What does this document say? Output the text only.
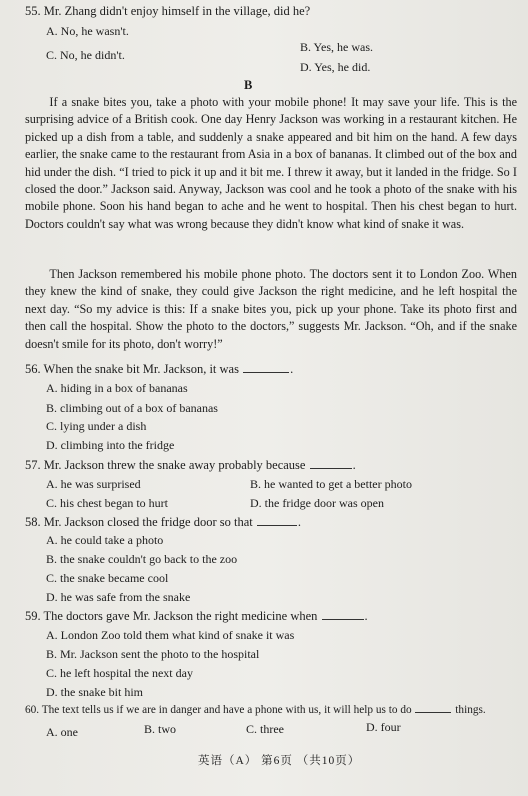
55. Mr. Zhang didn't enjoy himself in the village, did he?
A. No, he wasn't.
B. Yes, he was.
C. No, he didn't.
D. Yes, he did.
B
If a snake bites you, take a photo with your mobile phone! It may save your life. This is the surprising advice of a British cook. One day Henry Jackson was working in a restaurant kitchen. He picked up a dish from a table, and suddenly a snake appeared and bit him on the hand. A few days earlier, the snake came to the restaurant from Asia in a box of bananas. It climbed out of the box and hid under the dish. “I tried to pick it up and it bit me. I threw it away, but it landed in the fridge. So I closed the door.” Jackson said. Anyway, Jackson was cool and he took a photo of the snake with his mobile phone. Soon his hand began to ache and he went to hospital. Then his chest began to hurt. Doctors couldn't say what was wrong because they didn't know what kind of snake it was.
Then Jackson remembered his mobile phone photo. The doctors sent it to London Zoo. When they knew the kind of snake, they could give Jackson the right medicine, and he left hospital the next day. “So my advice is this: If a snake bites you, pick up your phone. Take its photo first and then call the hospital. Show the photo to the doctors,” suggests Mr. Jackson. “Oh, and if the snake doesn't smile for its photo, don't worry!”
56. When the snake bit Mr. Jackson, it was	.
A. hiding in a box of bananas
B. climbing out of a box of bananas
C. lying under a dish
D. climbing into the fridge
57. Mr. Jackson threw the snake away probably because	.
A. he was surprised	B. he wanted to get a better photo
C. his chest began to hurt	D. the fridge door was open
58. Mr. Jackson closed the fridge door so that	.
A. he could take a photo
B. the snake couldn't go back to the zoo
C. the snake became cool
D. he was safe from the snake
59. The doctors gave Mr. Jackson the right medicine when	.
A. London Zoo told them what kind of snake it was
B. Mr. Jackson sent the photo to the hospital
C. he left hospital the next day
D. the snake bit him
60. The text tells us if we are in danger and have a phone with us, it will help us to do	things.
A. one	B. two	C. three	D. four
英语（A） 第6页 （共10页）
